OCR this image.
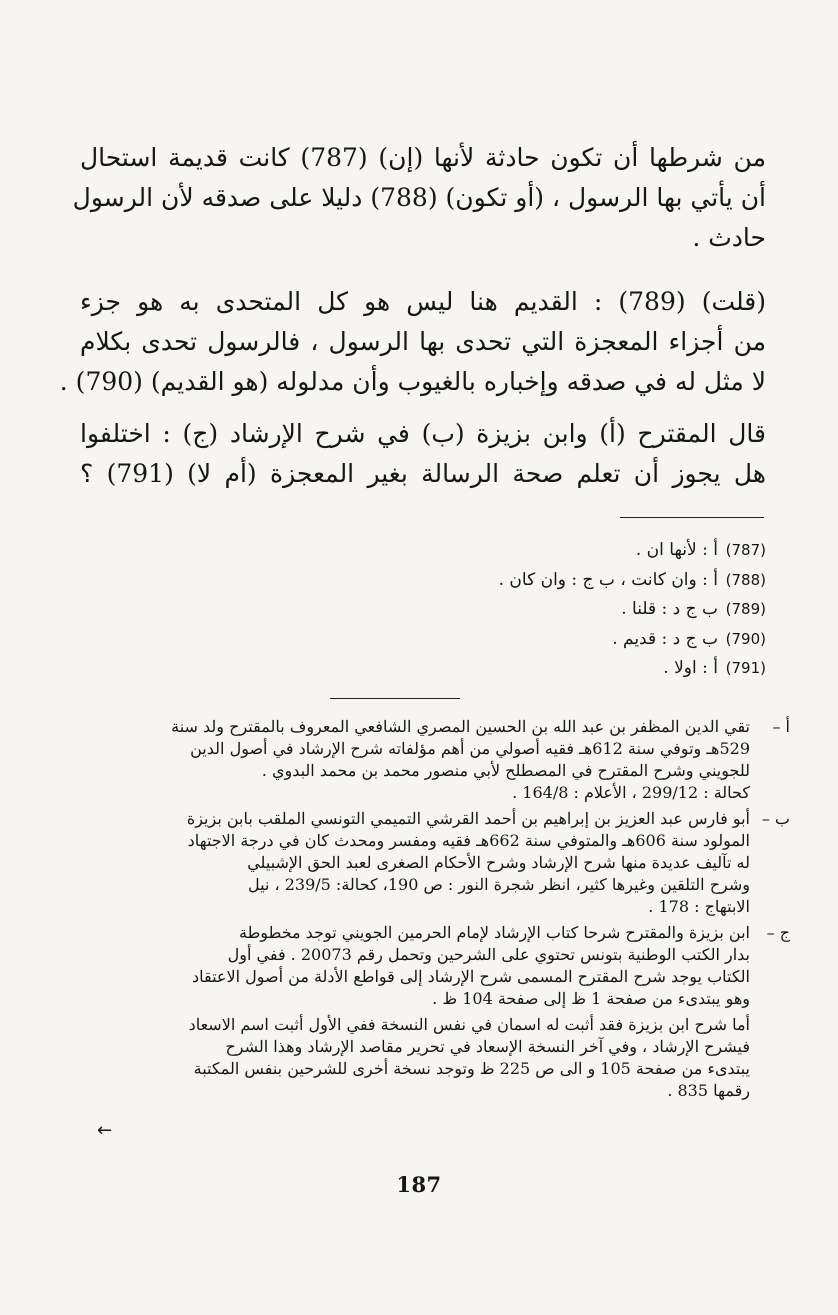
من شرطها أن تكون حادثة لأنها (إن) (787) كانت قديمة استحال
أن يأتي بها الرسول ، (أو تكون) (788) دليلا على صدقه لأن الرسول
حادث .
(قلت) (789) : القديم هنا ليس هو كل المتحدى به هو جزء
من أجزاء المعجزة التي تحدى بها الرسول ، فالرسول تحدى بكلام
لا مثل له في صدقه وإخباره بالغيوب وأن مدلوله (هو القديم) (790) .
قال المقترح (أ) وابن بزيزة (ب) في شرح الإرشاد (ج) : اختلفوا
هل يجوز أن تعلم صحة الرسالة بغير المعجزة (أم لا) (791) ؟
(787)
أ : لأنها ان .
(788)
أ : وان كانت ، ب ج : وان كان .
(789)
ب ج د : قلنا .
(790)
ب ج د : قديم .
(791)
أ : اولا .
أ –
تقي الدين المظفر بن عبد الله بن الحسين المصري الشافعي المعروف بالمقترح ولد سنة
529هـ وتوفي سنة 612هـ فقيه أصولي من أهم مؤلفاته شرح الإرشاد في أصول الدين
للجويني وشرح المقترح في المصطلح لأبي منصور محمد بن محمد البدوي .
كحالة : 299/12 ، الأعلام : 164/8 .
ب –
أبو فارس عبد العزيز بن إبراهيم بن أحمد القرشي التميمي التونسي الملقب بابن بزيزة
المولود سنة 606هـ والمتوفي سنة 662هـ فقيه ومفسر ومحدث كان في درجة الاجتهاد
له تآليف عديدة منها شرح الإرشاد وشرح الأحكام الصغرى لعبد الحق الإشبيلي
وشرح التلقين وغيرها كثير، انظر شجرة النور : ص 190، كحالة: 239/5 ، نيل
الابتهاج : 178 .
ج –
ابن بزيزة والمقترح شرحا كتاب الإرشاد لإمام الحرمين الجويني توجد مخطوطة
بدار الكتب الوطنية بتونس تحتوي على الشرحين وتحمل رقم 20073 . ففي أول
الكتاب يوجد شرح المقترح المسمى شرح الإرشاد إلى قواطع الأدلة من أصول الاعتقاد
وهو يبتدىء من صفحة 1 ظ إلى صفحة 104 ظ .
أما شرح ابن بزيزة فقد أثبت له اسمان في نفس النسخة ففي الأول أثبت اسم الاسعاد
فيشرح الإرشاد ، وفي آخر النسخة الإسعاد في تحرير مقاصد الإرشاد وهذا الشرح
يبتدىء من صفحة 105 و الى ص 225 ظ وتوجد نسخة أخرى للشرحين بنفس المكتبة
رقمها 835 .
←
187
